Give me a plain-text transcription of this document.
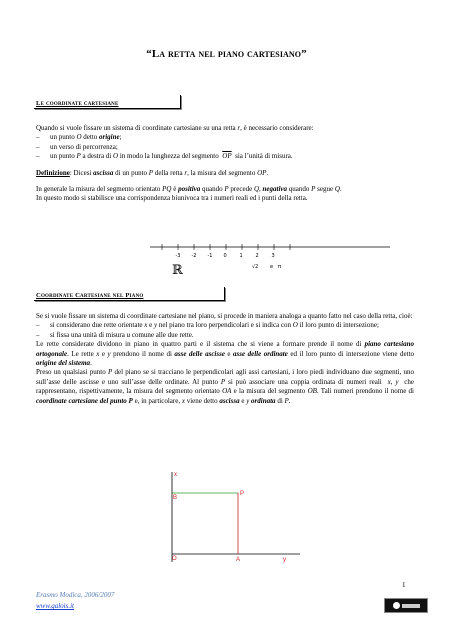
“La retta nel piano cartesiano”
Le coordinate cartesiane
Quando si vuole fissare un sistema di coordinate cartesiane su una retta r, è necessario considerare:
– un punto O detto origine;
– un verso di percorrenza;
– un punto P a destra di O in modo la lunghezza del segmento  $\overline{OP}$  sia l’unità di misura.
Definizione: Dicesi ascissa di un punto P della retta r, la misura del segmento OP.
In generale la misura del segmento orientato PQ è positiva quando P precede Q, negativa quando P segue Q.
In questo modo si stabilisce una corrispondenza biunivoca tra i numeri reali ed i punti della retta.
-3 -2 -1 0	1	2	3
ℝ	√2 e π
Coordinate Cartesiane nel Piano
Se si vuole fissare un sistema di coordinate cartesiane nel piano, si procede in maniera analoga a quanto fatto nel caso della retta, cioè:
– si considerano due rette orientate x e y nel piano tra loro perpendicolari e si indica con O il loro punto di intersezione;
– si fissa una unità di misura u comune alle due rette.
Le rette considerate dividono in piano in quattro parti e il sistema che si viene a formare prende il nome di piano cartesiano ortogonale. Le rette x e y prendono il nome di asse delle ascisse e asse delle ordinate ed il loro punto di intersezione viene detto origine del sistema.
Preso un qualsiasi punto P del piano se si tracciano le perpendicolari agli assi cartesiani, i loro piedi individuano due segmenti, uno sull’asse delle ascisse e uno sull’asse delle ordinate. Al punto P si può associare una coppia ordinata di numeri reali  x, y  che rappresentano, rispettivamente, la misura del segmento orientato OA e la misura del segmento OB. Tali numeri prendono il nome di coordinate cartesiane del punto P e, in particolare, x viene detto ascissa e y ordinata di P.
x
B
P
O	A	y
1
Erasmo Modica, 2006/2007
www.galois.it
